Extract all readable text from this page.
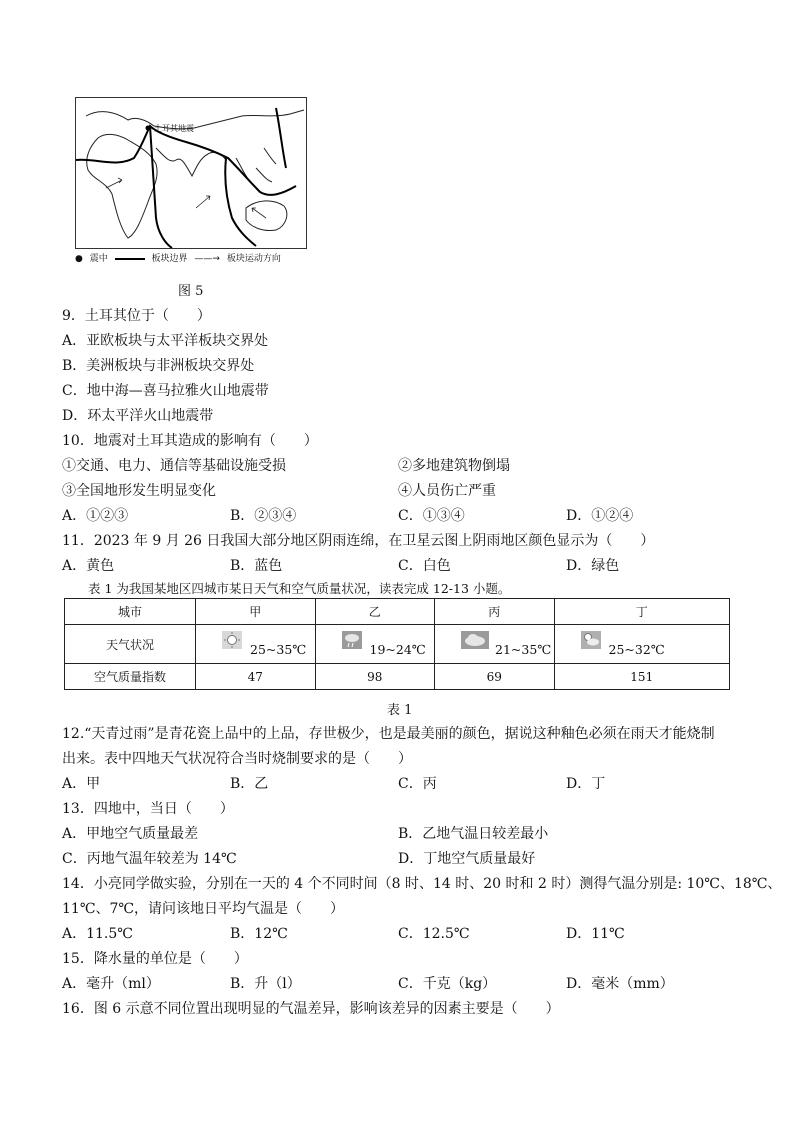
土耳其地震
● 震中	板块边界 ——→ 板块运动方向
图 5
9．土耳其位于（　　）
A．亚欧板块与太平洋板块交界处
B．美洲板块与非洲板块交界处
C．地中海—喜马拉雅火山地震带
D．环太平洋火山地震带
10．地震对土耳其造成的影响有（　　）
①交通、电力、通信等基础设施受损	②多地建筑物倒塌
③全国地形发生明显变化	④人员伤亡严重
A．①②③	B．②③④	C．①③④	D．①②④
11．2023 年 9 月 26 日我国大部分地区阴雨连绵，在卫星云图上阴雨地区颜色显示为（　　）
A．黄色	B．蓝色	C．白色	D．绿色
表 1 为我国某地区四城市某日天气和空气质量状况，读表完成 12-13 小题。
城市	甲	乙	丙	丁
天气状况	25~35℃	19~24℃	21~35℃	25~32℃

空气质量指数	47	98	69	151
表 1
12.“天青过雨”是青花瓷上品中的上品，存世极少，也是最美丽的颜色，据说这种釉色必须在雨天才能烧制
出来。表中四地天气状况符合当时烧制要求的是（　　）
A．甲	B．乙	C．丙	D．丁
13．四地中，当日（　　）
A．甲地空气质量最差	B．乙地气温日较差最小
C．丙地气温年较差为 14℃	D．丁地空气质量最好
14．小亮同学做实验，分别在一天的 4 个不同时间（8 时、14 时、20 时和 2 时）测得气温分别是: 10℃、18℃、
11℃、7℃，请问该地日平均气温是（　　）
A．11.5℃	B．12℃	C．12.5℃	D．11℃
15．降水量的单位是（　　）
A．毫升（ml）	B．升（l）	C．千克（kg）	D．毫米（mm）
16．图 6 示意不同位置出现明显的气温差异，影响该差异的因素主要是（　　）
